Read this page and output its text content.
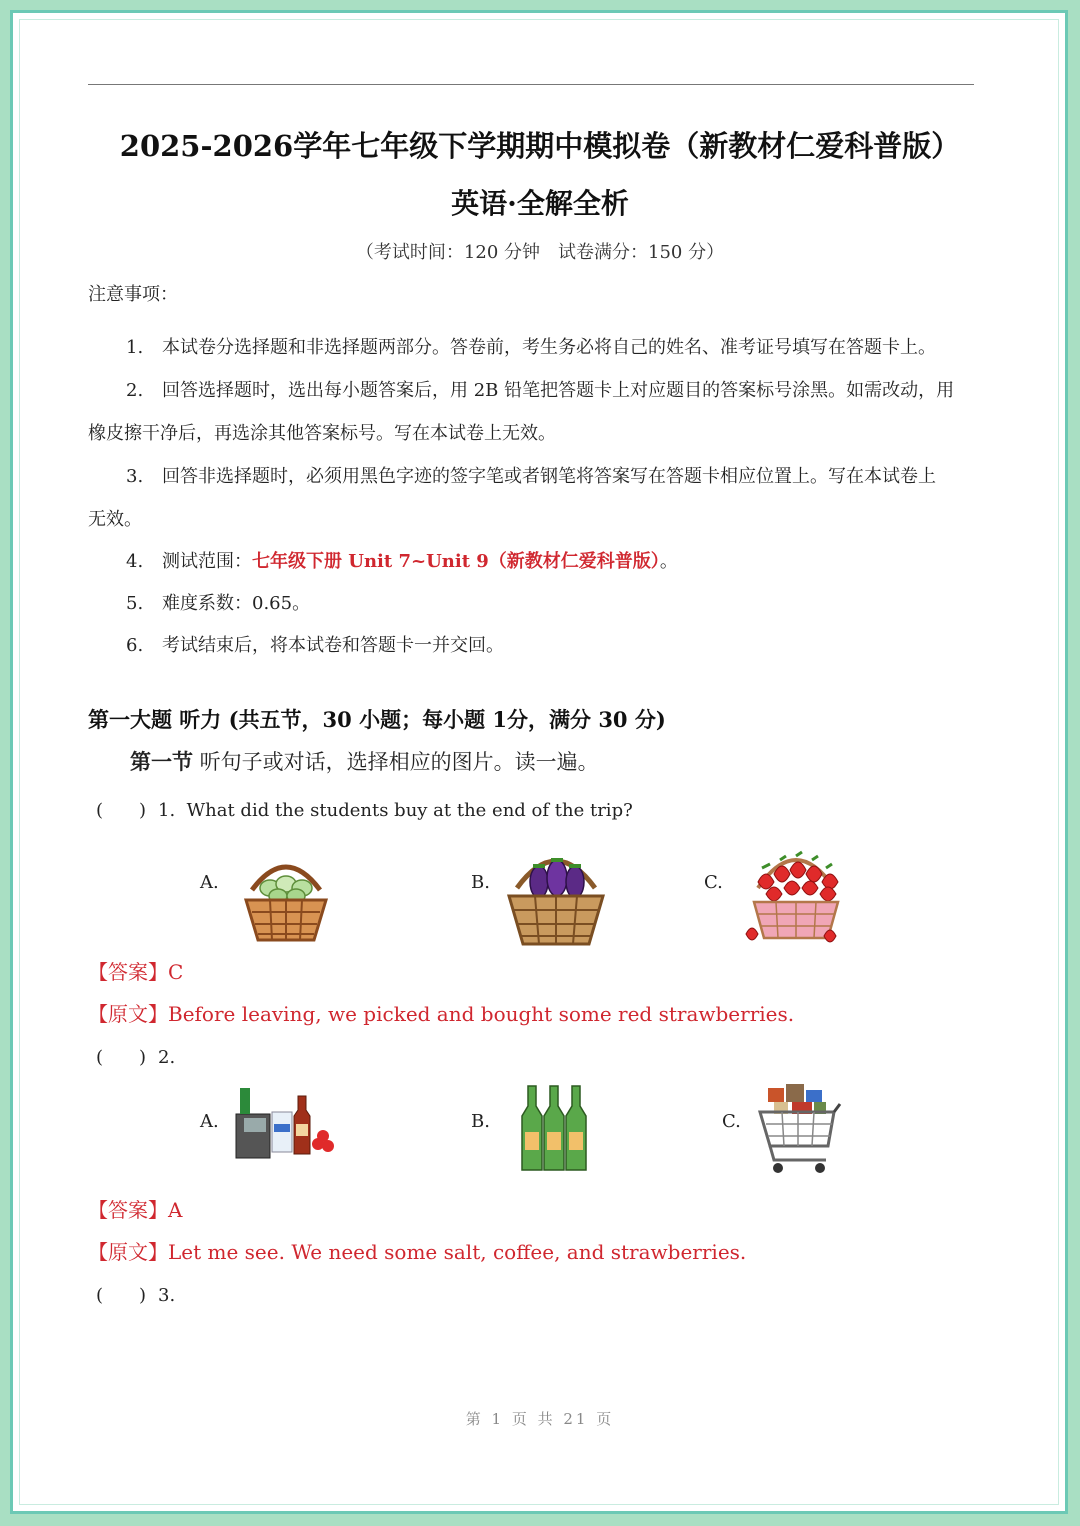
2025-2026学年七年级下学期期中模拟卷（新教材仁爱科普版）
英语·全解全析
（考试时间：120 分钟　试卷满分：150 分）
注意事项：
1. 本试卷分选择题和非选择题两部分。答卷前，考生务必将自己的姓名、准考证号填写在答题卡上。
2. 回答选择题时，选出每小题答案后，用 2B 铅笔把答题卡上对应题目的答案标号涂黑。如需改动，用
橡皮擦干净后，再选涂其他答案标号。写在本试卷上无效。
3. 回答非选择题时，必须用黑色字迹的签字笔或者钢笔将答案写在答题卡相应位置上。写在本试卷上
无效。
4. 测试范围：七年级下册 Unit 7~Unit 9（新教材仁爱科普版）。
5. 难度系数：0.65。
6. 考试结束后，将本试卷和答题卡一并交回。
第一大题 听力 (共五节，30 小题；每小题 1分，满分 30 分)
第一节 听句子或对话，选择相应的图片。读一遍。
(　　) 1. What did the students buy at the end of the trip?
A.	B.	C.
【答案】C
【原文】Before leaving, we picked and bought some red strawberries.
(　　) 2.
A.	B.	C.
【答案】A
【原文】Let me see. We need some salt, coffee, and strawberries.
(　　) 3.
第 1 页 共 21 页
